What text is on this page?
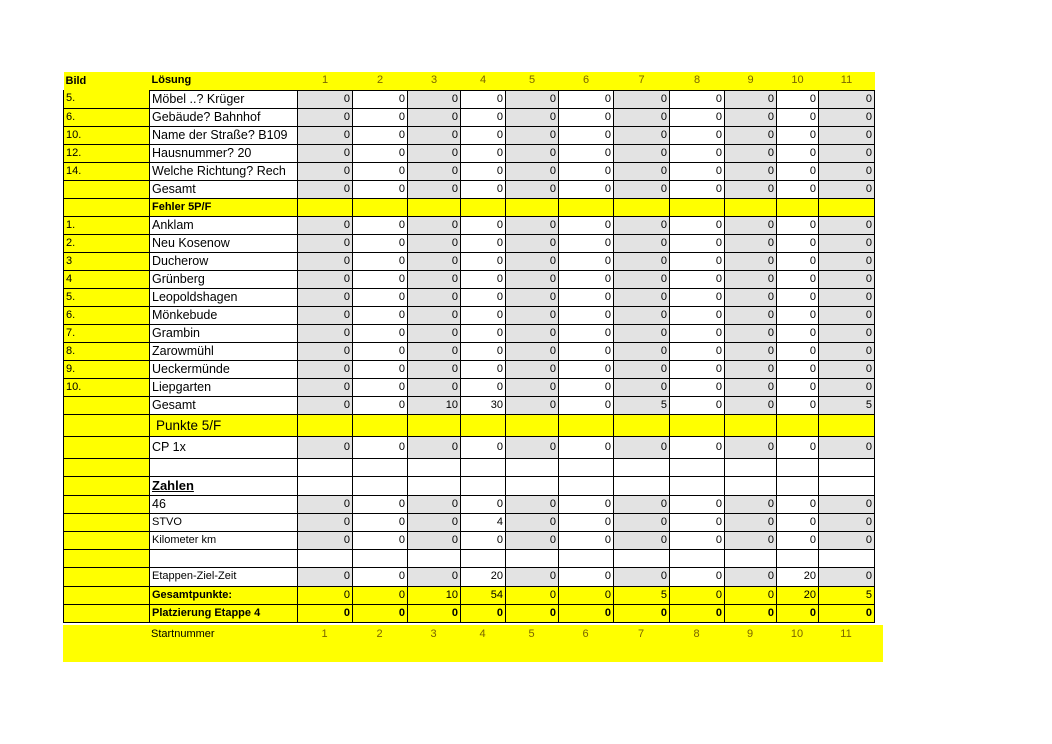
Bild	Lösung	1	2	3	4	5	6	7	8	9	10	11
5.	Möbel ..? Krüger	0	0	0	0	0	0	0	0	0	0	0
6.	Gebäude? Bahnhof	0	0	0	0	0	0	0	0	0	0	0
10.	Name der Straße? B109	0	0	0	0	0	0	0	0	0	0	0
12.	Hausnummer? 20	0	0	0	0	0	0	0	0	0	0	0
14.	Welche Richtung? Rech	0	0	0	0	0	0	0	0	0	0	0
	Gesamt	0	0	0	0	0	0	0	0	0	0	0
	Fehler 5P/F											
1.	Anklam	0	0	0	0	0	0	0	0	0	0	0
2.	Neu Kosenow	0	0	0	0	0	0	0	0	0	0	0
3	Ducherow	0	0	0	0	0	0	0	0	0	0	0
4	Grünberg	0	0	0	0	0	0	0	0	0	0	0
5.	Leopoldshagen	0	0	0	0	0	0	0	0	0	0	0
6.	Mönkebude	0	0	0	0	0	0	0	0	0	0	0
7.	Grambin	0	0	0	0	0	0	0	0	0	0	0
8.	Zarowmühl	0	0	0	0	0	0	0	0	0	0	0
9.	Ueckermünde	0	0	0	0	0	0	0	0	0	0	0
10.	Liepgarten	0	0	0	0	0	0	0	0	0	0	0
	Gesamt	0	0	10	30	0	0	5	0	0	0	5
	Punkte 5/F											
	CP 1x	0	0	0	0	0	0	0	0	0	0	0

	Zahlen											
	46	0	0	0	0	0	0	0	0	0	0	0
	STVO	0	0	0	4	0	0	0	0	0	0	0
	Kilometer km	0	0	0	0	0	0	0	0	0	0	0

	Etappen-Ziel-Zeit	0	0	0	20	0	0	0	0	0	20	0
	Gesamtpunkte:	0	0	10	54	0	0	5	0	0	20	5
	Platzierung Etappe 4	0	0	0	0	0	0	0	0	0	0	0
	Startnummer	1	2	3	4	5	6	7	8	9	10	11
